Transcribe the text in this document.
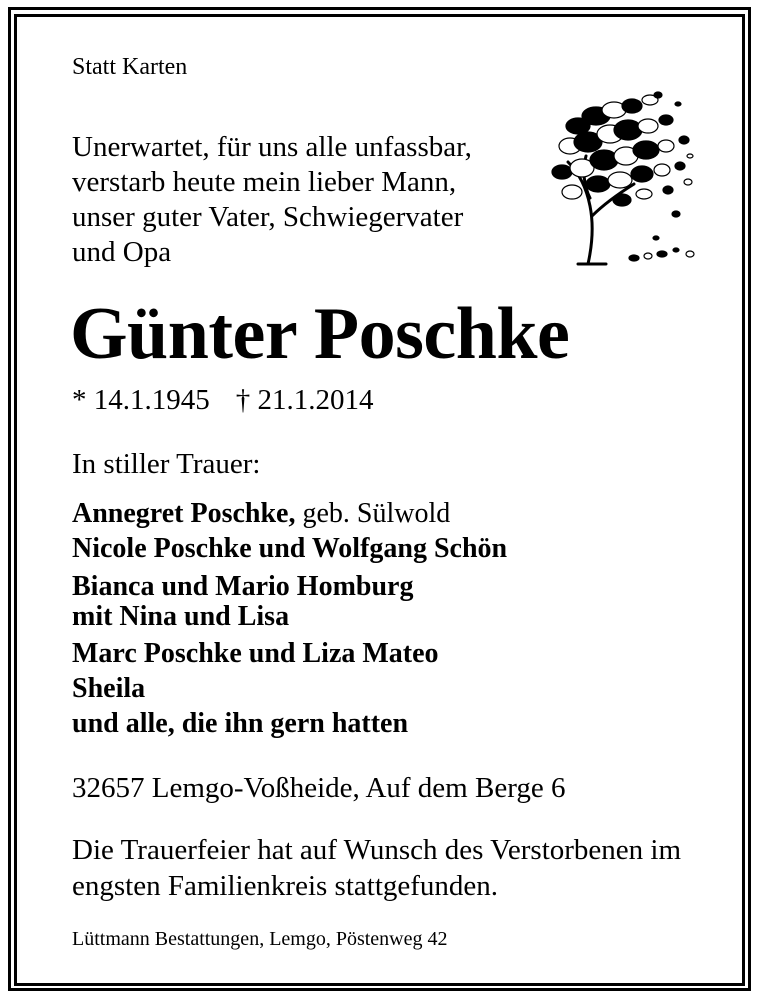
Statt Karten

Unerwartet, für uns alle unfassbar,
verstarb heute mein lieber Mann,
unser guter Vater, Schwiegervater
und Opa
Günter Poschke

* 14.1.1945 † 21.1.2014

In stiller Trauer:

Annegret Poschke, geb. Sülwold
Nicole Poschke und Wolfgang Schön
Bianca und Mario Homburg
mit Nina und Lisa
Marc Poschke und Liza Mateo
Sheila
und alle, die ihn gern hatten

32657 Lemgo-Voßheide, Auf dem Berge 6

Die Trauerfeier hat auf Wunsch des Verstorbenen im
engsten Familienkreis stattgefunden.

Lüttmann Bestattungen, Lemgo, Pöstenweg 42
